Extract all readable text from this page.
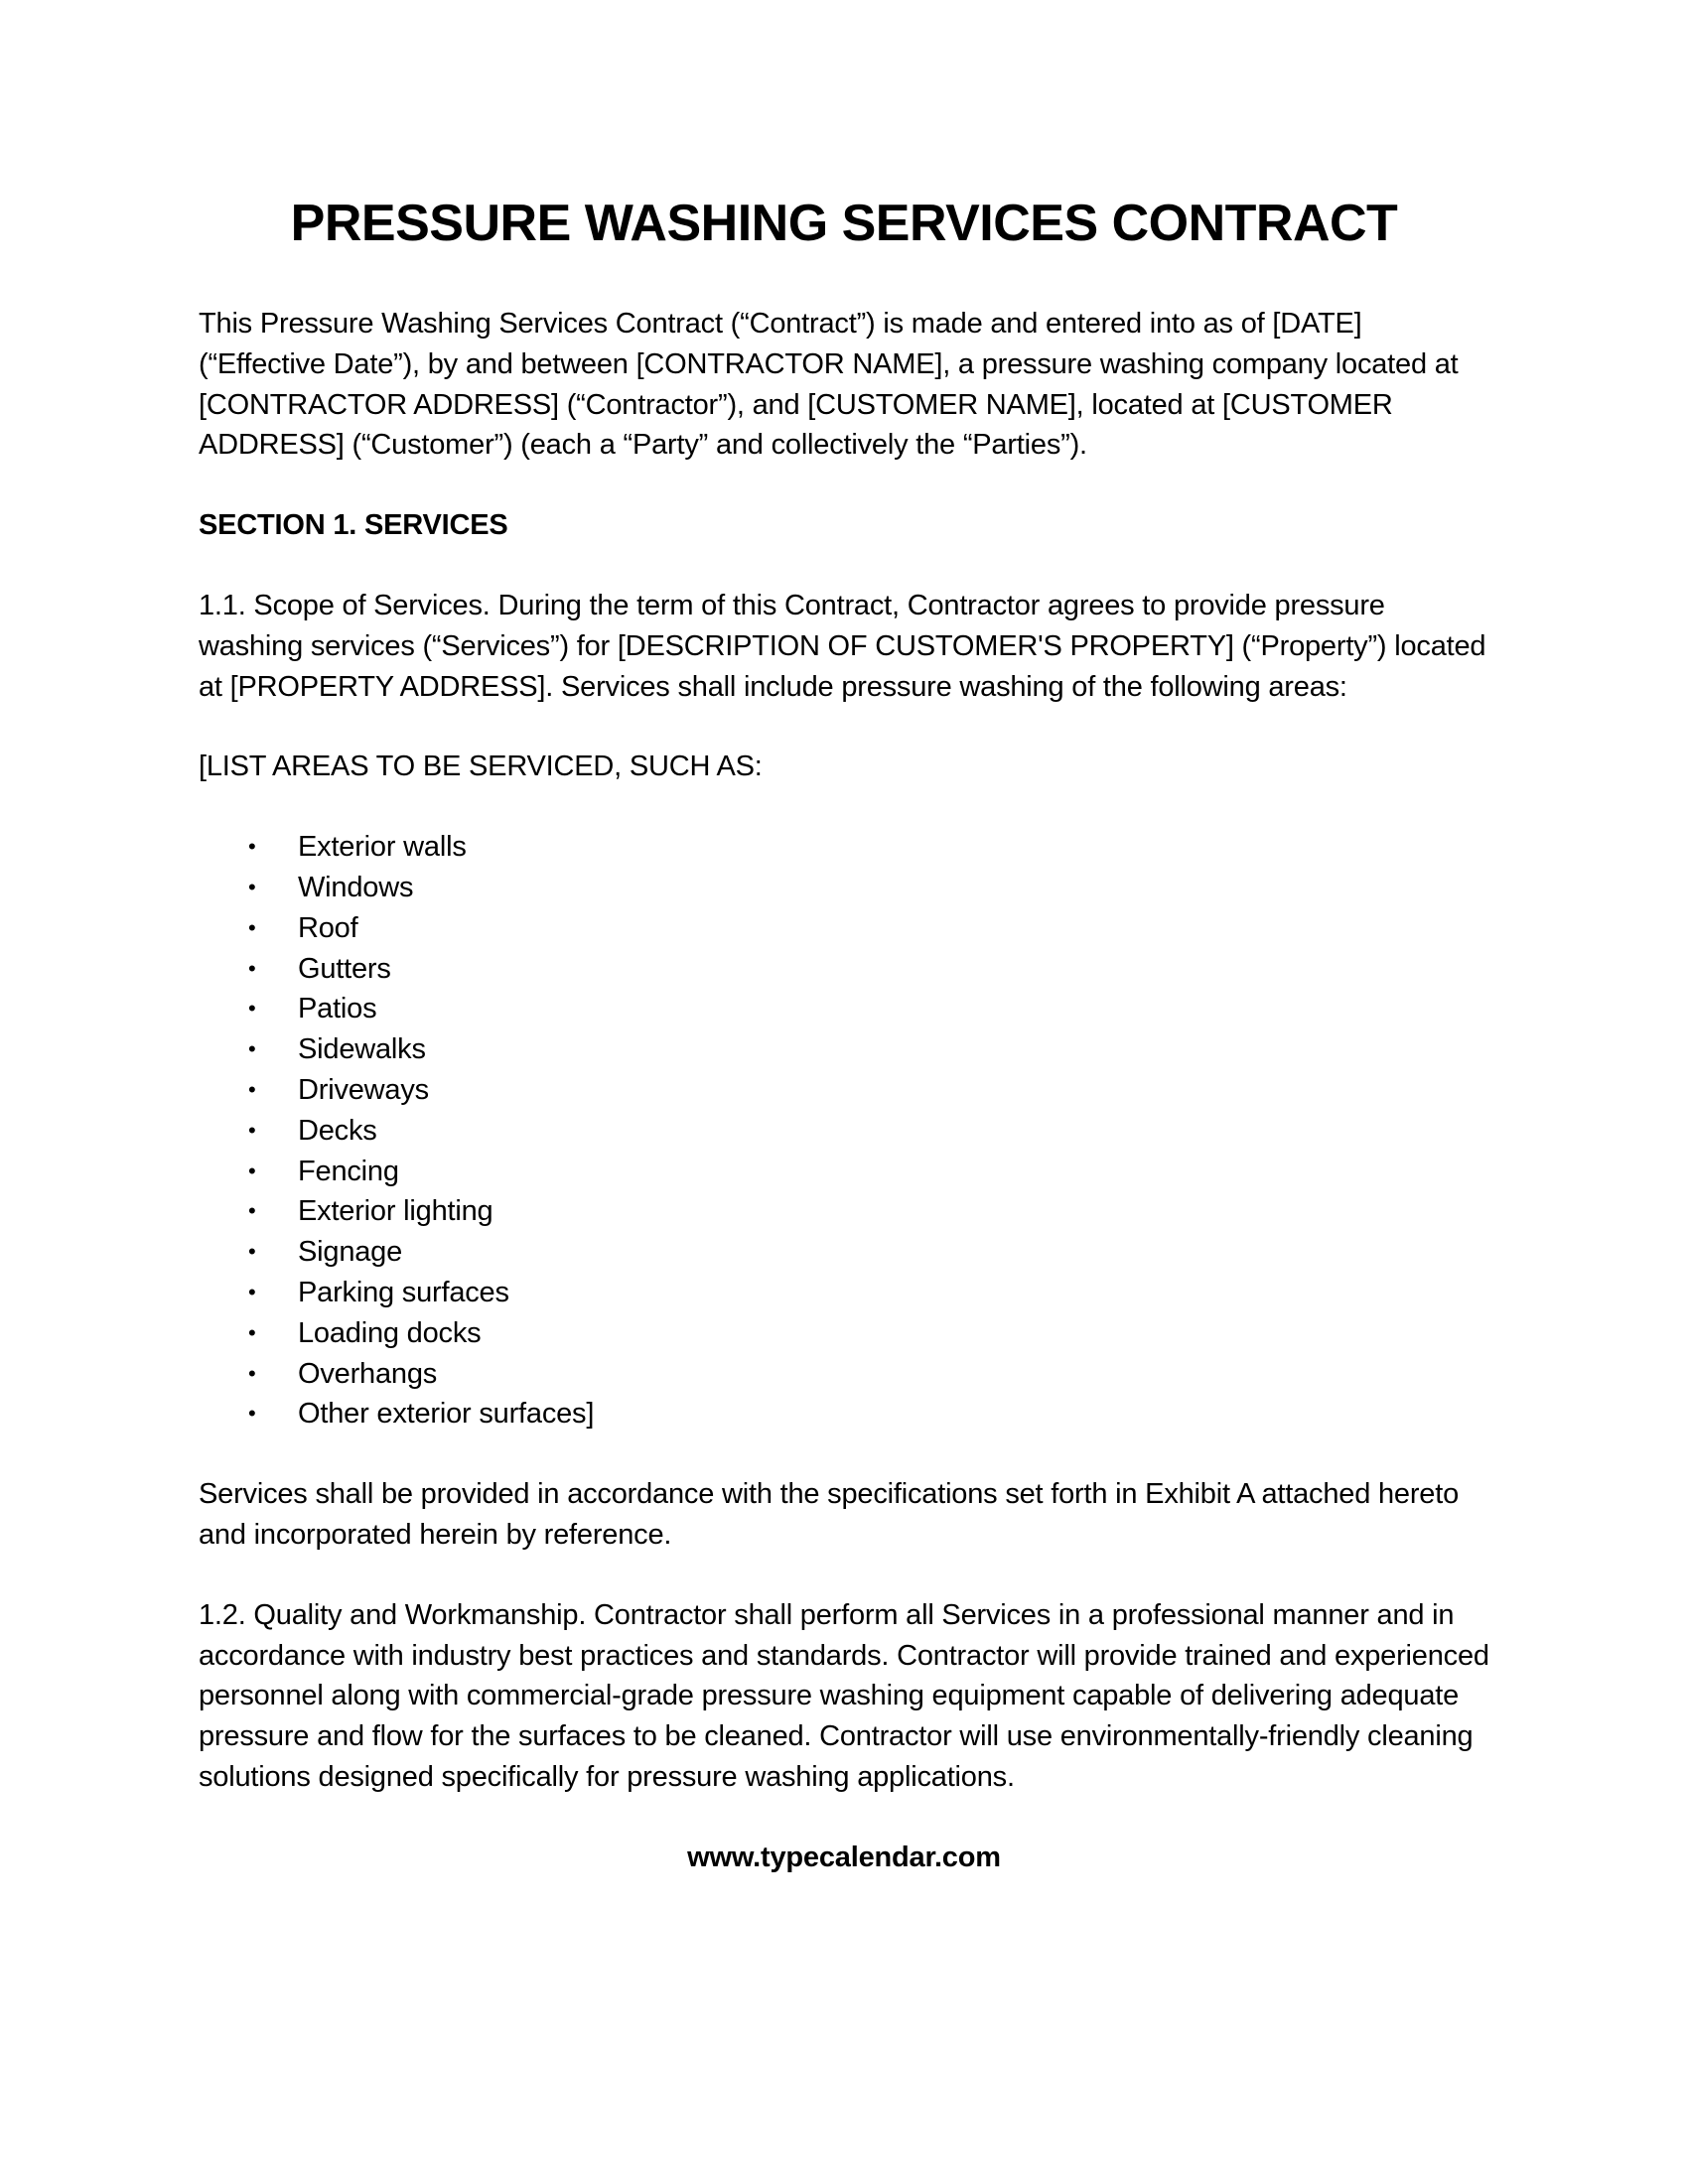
PRESSURE WASHING SERVICES CONTRACT

This Pressure Washing Services Contract (“Contract”) is made and entered into as of [DATE] (“Effective Date”), by and between [CONTRACTOR NAME], a pressure washing company located at [CONTRACTOR ADDRESS] (“Contractor”), and [CUSTOMER NAME], located at [CUSTOMER ADDRESS] (“Customer”) (each a “Party” and collectively the “Parties”).

SECTION 1. SERVICES

1.1. Scope of Services. During the term of this Contract, Contractor agrees to provide pressure washing services (“Services”) for [DESCRIPTION OF CUSTOMER'S PROPERTY] (“Property”) located at [PROPERTY ADDRESS]. Services shall include pressure washing of the following areas:

[LIST AREAS TO BE SERVICED, SUCH AS:

• Exterior walls
• Windows
• Roof
• Gutters
• Patios
• Sidewalks
• Driveways
• Decks
• Fencing
• Exterior lighting
• Signage
• Parking surfaces
• Loading docks
• Overhangs
• Other exterior surfaces]

Services shall be provided in accordance with the specifications set forth in Exhibit A attached hereto and incorporated herein by reference.

1.2. Quality and Workmanship. Contractor shall perform all Services in a professional manner and in accordance with industry best practices and standards. Contractor will provide trained and experienced personnel along with commercial-grade pressure washing equipment capable of delivering adequate pressure and flow for the surfaces to be cleaned. Contractor will use environmentally-friendly cleaning solutions designed specifically for pressure washing applications.

www.typecalendar.com
